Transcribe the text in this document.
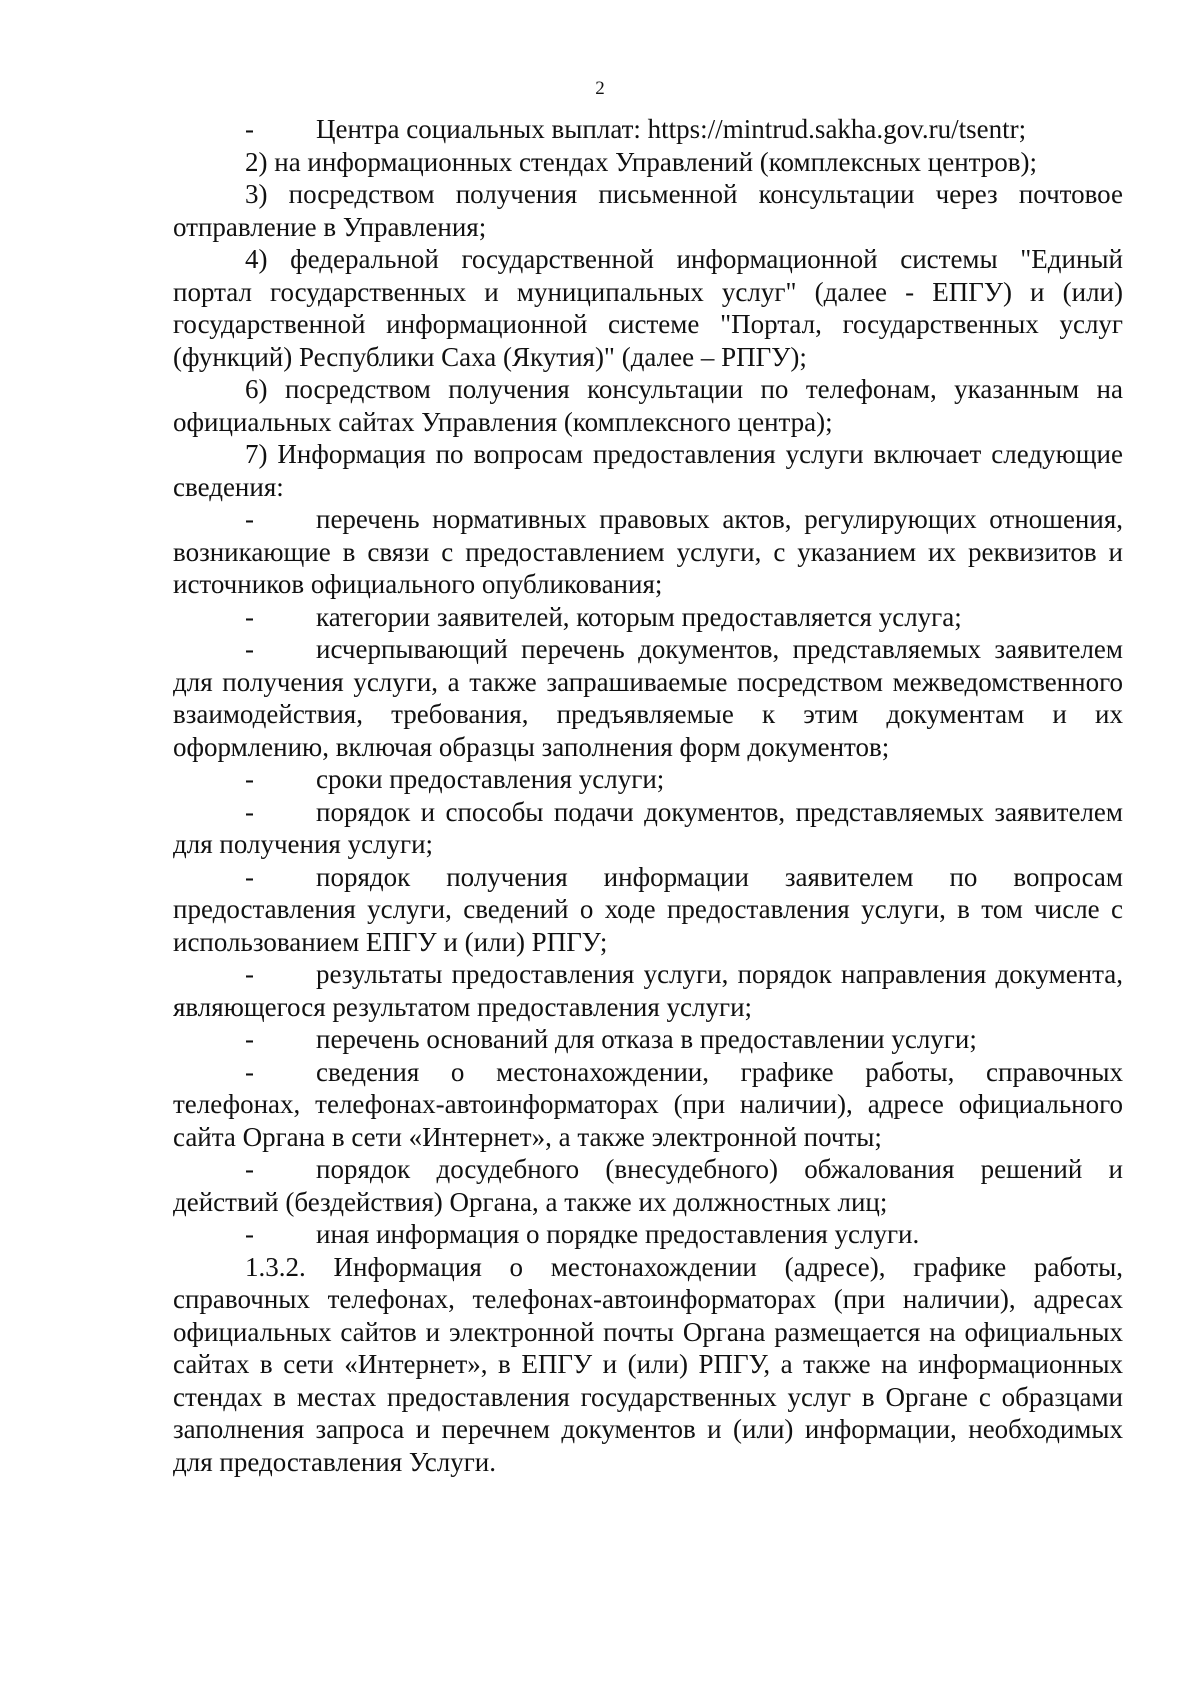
2

- Центра социальных выплат: https://mintrud.sakha.gov.ru/tsentr;

2) на информационных стендах Управлений (комплексных центров);

3) посредством получения письменной консультации через почтовое отправление в Управления;

4) федеральной государственной информационной системы "Единый портал государственных и муниципальных услуг" (далее - ЕПГУ) и (или) государственной информационной системе "Портал, государственных услуг (функций) Республики Саха (Якутия)" (далее – РПГУ);

6) посредством получения консультации по телефонам, указанным на официальных сайтах Управления (комплексного центра);

7) Информация по вопросам предоставления услуги включает следующие сведения:

- перечень нормативных правовых актов, регулирующих отношения, возникающие в связи с предоставлением услуги, с указанием их реквизитов и источников официального опубликования;

- категории заявителей, которым предоставляется услуга;

- исчерпывающий перечень документов, представляемых заявителем для получения услуги, а также запрашиваемые посредством межведомственного взаимодействия, требования, предъявляемые к этим документам и их оформлению, включая образцы заполнения форм документов;

- сроки предоставления услуги;

- порядок и способы подачи документов, представляемых заявителем для получения услуги;

- порядок получения информации заявителем по вопросам предоставления услуги, сведений о ходе предоставления услуги, в том числе с использованием ЕПГУ и (или) РПГУ;

- результаты предоставления услуги, порядок направления документа, являющегося результатом предоставления услуги;

- перечень оснований для отказа в предоставлении услуги;

- сведения о местонахождении, графике работы, справочных телефонах, телефонах-автоинформаторах (при наличии), адресе официального сайта Органа в сети «Интернет», а также электронной почты;

- порядок досудебного (внесудебного) обжалования решений и действий (бездействия) Органа, а также их должностных лиц;

- иная информация о порядке предоставления услуги.

1.3.2. Информация о местонахождении (адресе), графике работы, справочных телефонах, телефонах-автоинформаторах (при наличии), адресах официальных сайтов и электронной почты Органа размещается на официальных сайтах в сети «Интернет», в ЕПГУ и (или) РПГУ, а также на информационных стендах в местах предоставления государственных услуг в Органе с образцами заполнения запроса и перечнем документов и (или) информации, необходимых для предоставления Услуги.
